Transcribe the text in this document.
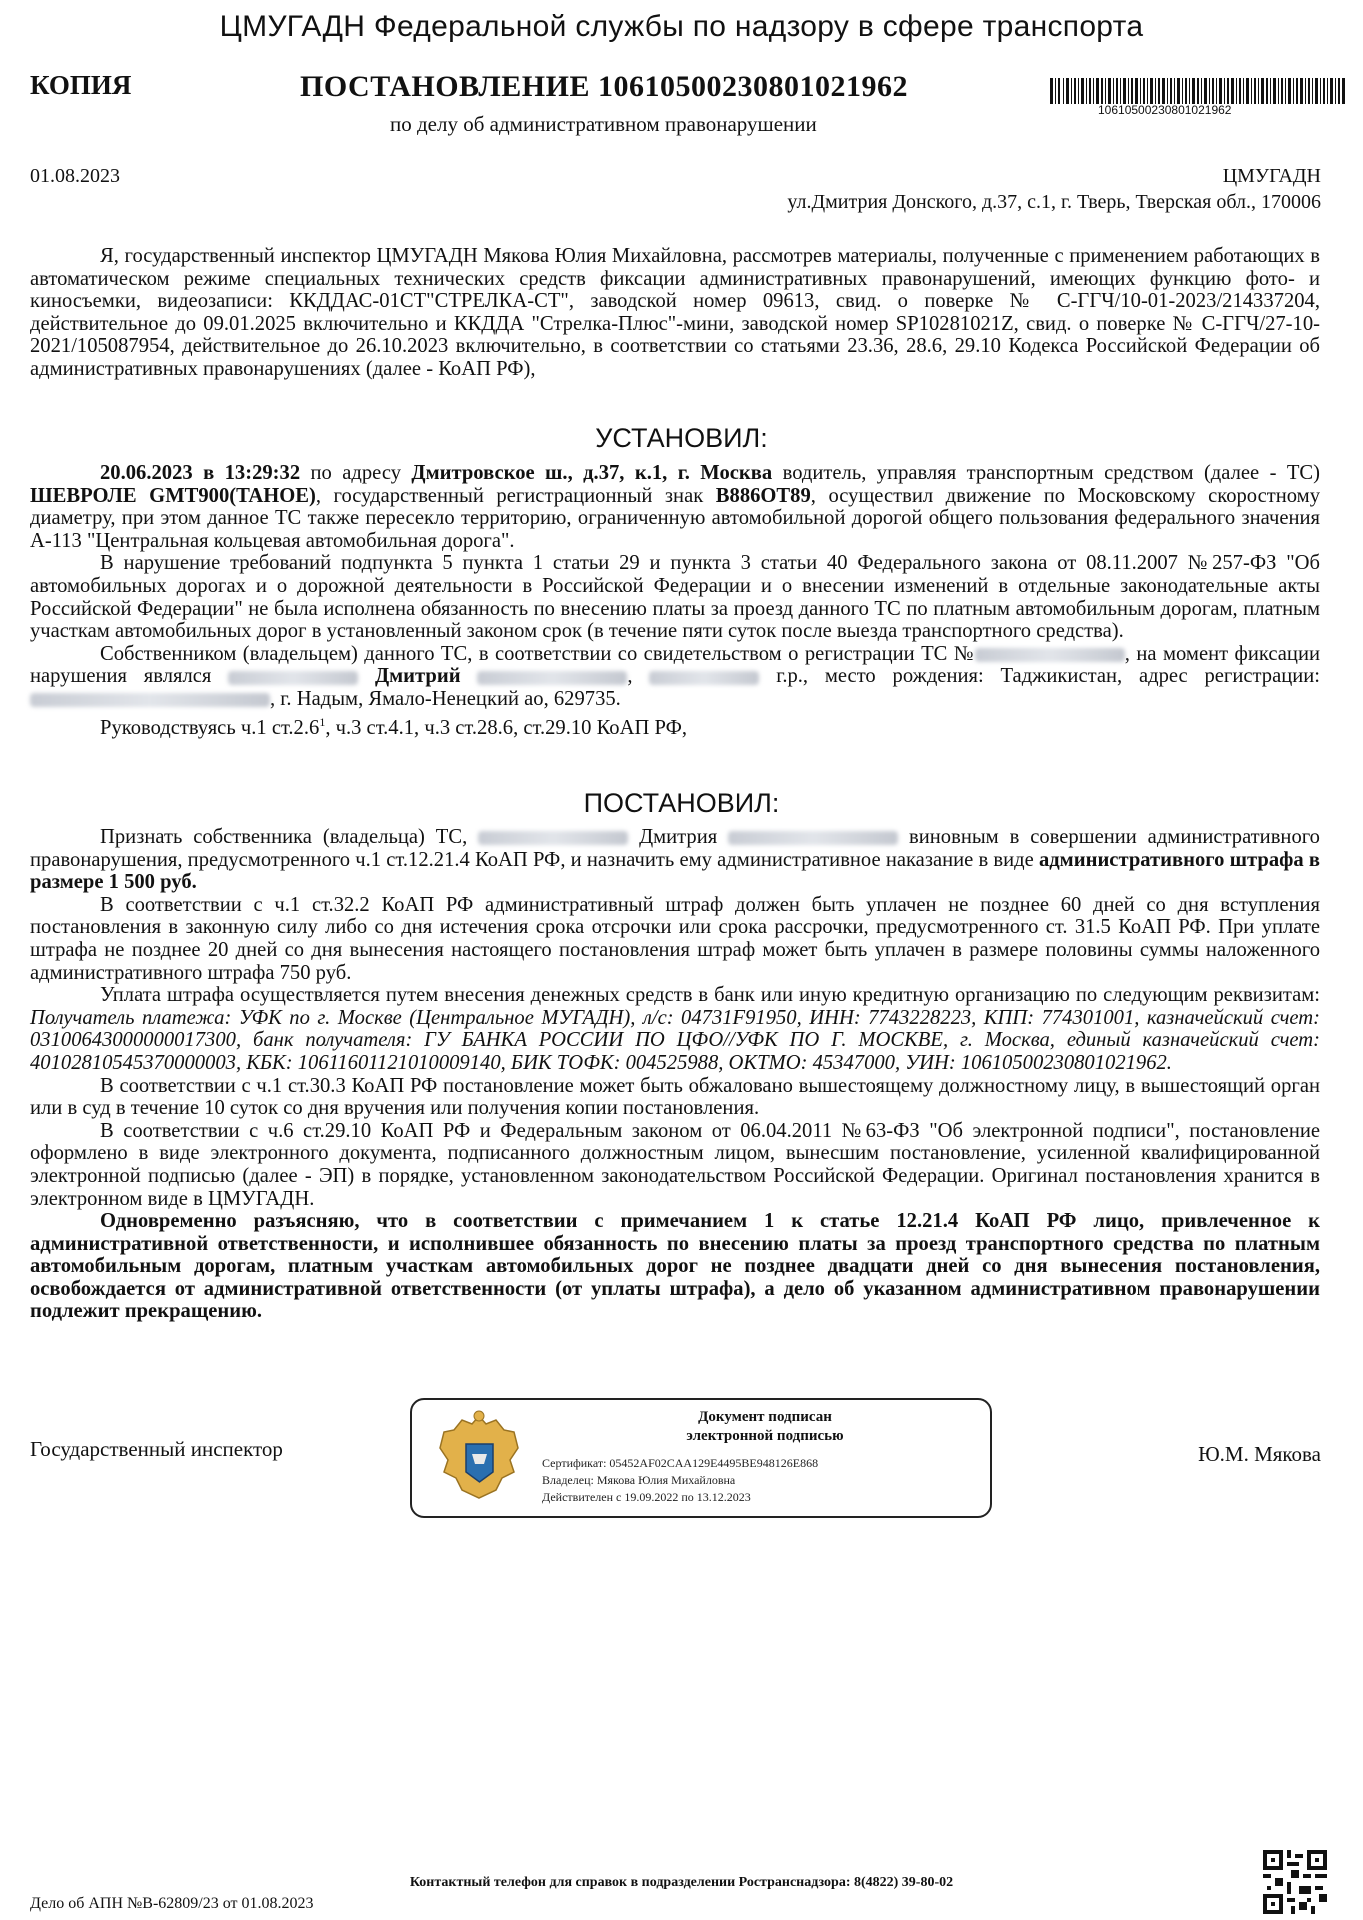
ЦМУГАДН Федеральной службы по надзору в сфере транспорта
КОПИЯ	ПОСТАНОВЛЕНИЕ 10610500230801021962
по делу об административном правонарушении
10610500230801021962
01.08.2023	ЦМУГАДН
ул.Дмитрия Донского, д.37, с.1, г. Тверь, Тверская обл., 170006

Я, государственный инспектор ЦМУГАДН Мякова Юлия Михайловна, рассмотрев материалы, полученные с применением работающих в автоматическом режиме специальных технических средств фиксации административных правонарушений, имеющих функцию фото- и киносъемки, видеозаписи: ККДДАС-01СТ"СТРЕЛКА-СТ", заводской номер 09613, свид. о поверке № С-ГГЧ/10-01-2023/214337204, действительное до 09.01.2025 включительно и ККДДА "Стрелка-Плюс"-мини, заводской номер SP10281021Z, свид. о поверке № С-ГГЧ/27-10-2021/105087954, действительное до 26.10.2023 включительно, в соответствии со статьями 23.36, 28.6, 29.10 Кодекса Российской Федерации об административных правонарушениях (далее - КоАП РФ),

УСТАНОВИЛ:

20.06.2023 в 13:29:32 по адресу Дмитровское ш., д.37, к.1, г. Москва водитель, управляя транспортным средством (далее - ТС) ШЕВРОЛЕ GMT900(TAHOE), государственный регистрационный знак В886ОТ89, осуществил движение по Московскому скоростному диаметру, при этом данное ТС также пересекло территорию, ограниченную автомобильной дорогой общего пользования федерального значения А-113 "Центральная кольцевая автомобильная дорога".

В нарушение требований подпункта 5 пункта 1 статьи 29 и пункта 3 статьи 40 Федерального закона от 08.11.2007 №257-ФЗ "Об автомобильных дорогах и о дорожной деятельности в Российской Федерации и о внесении изменений в отдельные законодательные акты Российской Федерации" не была исполнена обязанность по внесению платы за проезд данного ТС по платным автомобильным дорогам, платным участкам автомобильных дорог в установленный законом срок (в течение пяти суток после выезда транспортного средства).

Собственником (владельцем) данного ТС, в соответствии со свидетельством о регистрации ТС №	, на момент фиксации нарушения являлся	Дмитрий	,	г.р., место рождения: Таджикистан, адрес регистрации: , г. Надым, Ямало-Ненецкий ао, 629735.

Руководствуясь ч.1 ст.2.6$^1$, ч.3 ст.4.1, ч.3 ст.28.6, ст.29.10 КоАП РФ,

ПОСТАНОВИЛ:

Признать собственника (владельца) ТС,	Дмитрия	виновным в совершении административного правонарушения, предусмотренного ч.1 ст.12.21.4 КоАП РФ, и назначить ему административное наказание в виде административного штрафа в размере 1 500 руб.

В соответствии с ч.1 ст.32.2 КоАП РФ административный штраф должен быть уплачен не позднее 60 дней со дня вступления постановления в законную силу либо со дня истечения срока отсрочки или срока рассрочки, предусмотренного ст. 31.5 КоАП РФ. При уплате штрафа не позднее 20 дней со дня вынесения настоящего постановления штраф может быть уплачен в размере половины суммы наложенного административного штрафа 750 руб.

Уплата штрафа осуществляется путем внесения денежных средств в банк или иную кредитную организацию по следующим реквизитам: Получатель платежа: УФК по г. Москве (Центральное МУГАДН), л/с: 04731F91950, ИНН: 7743228223, КПП: 774301001, казначейский счет: 03100643000000017300, банк получателя: ГУ БАНКА РОССИИ ПО ЦФО//УФК ПО Г. МОСКВЕ, г. Москва, единый казначейский счет: 40102810545370000003, КБК: 10611601121010009140, БИК ТОФК: 004525988, ОКТМО: 45347000, УИН: 10610500230801021962.

В соответствии с ч.1 ст.30.3 КоАП РФ постановление может быть обжаловано вышестоящему должностному лицу, в вышестоящий орган или в суд в течение 10 суток со дня вручения или получения копии постановления.

В соответствии с ч.6 ст.29.10 КоАП РФ и Федеральным законом от 06.04.2011 №63-ФЗ "Об электронной подписи", постановление оформлено в виде электронного документа, подписанного должностным лицом, вынесшим постановление, усиленной квалифицированной электронной подписью (далее - ЭП) в порядке, установленном законодательством Российской Федерации. Оригинал постановления хранится в электронном виде в ЦМУГАДН.

Одновременно разъясняю, что в соответствии с примечанием 1 к статье 12.21.4 КоАП РФ лицо, привлеченное к административной ответственности, и исполнившее обязанность по внесению платы за проезд транспортного средства по платным автомобильным дорогам, платным участкам автомобильных дорог не позднее двадцати дней со дня вынесения постановления, освобождается от административной ответственности (от уплаты штрафа), а дело об указанном административном правонарушении подлежит прекращению.

Государственный инспектор
Документ подписан
электронной подписью
Сертификат: 05452AF02CAA129E4495BE948126E868
Владелец: Мякова Юлия Михайловна
Действителен с 19.09.2022 по 13.12.2023
Ю.М. Мякова
Контактный телефон для справок в подразделении Ространснадзора: 8(4822) 39-80-02
Дело об АПН №В-62809/23 от 01.08.2023
